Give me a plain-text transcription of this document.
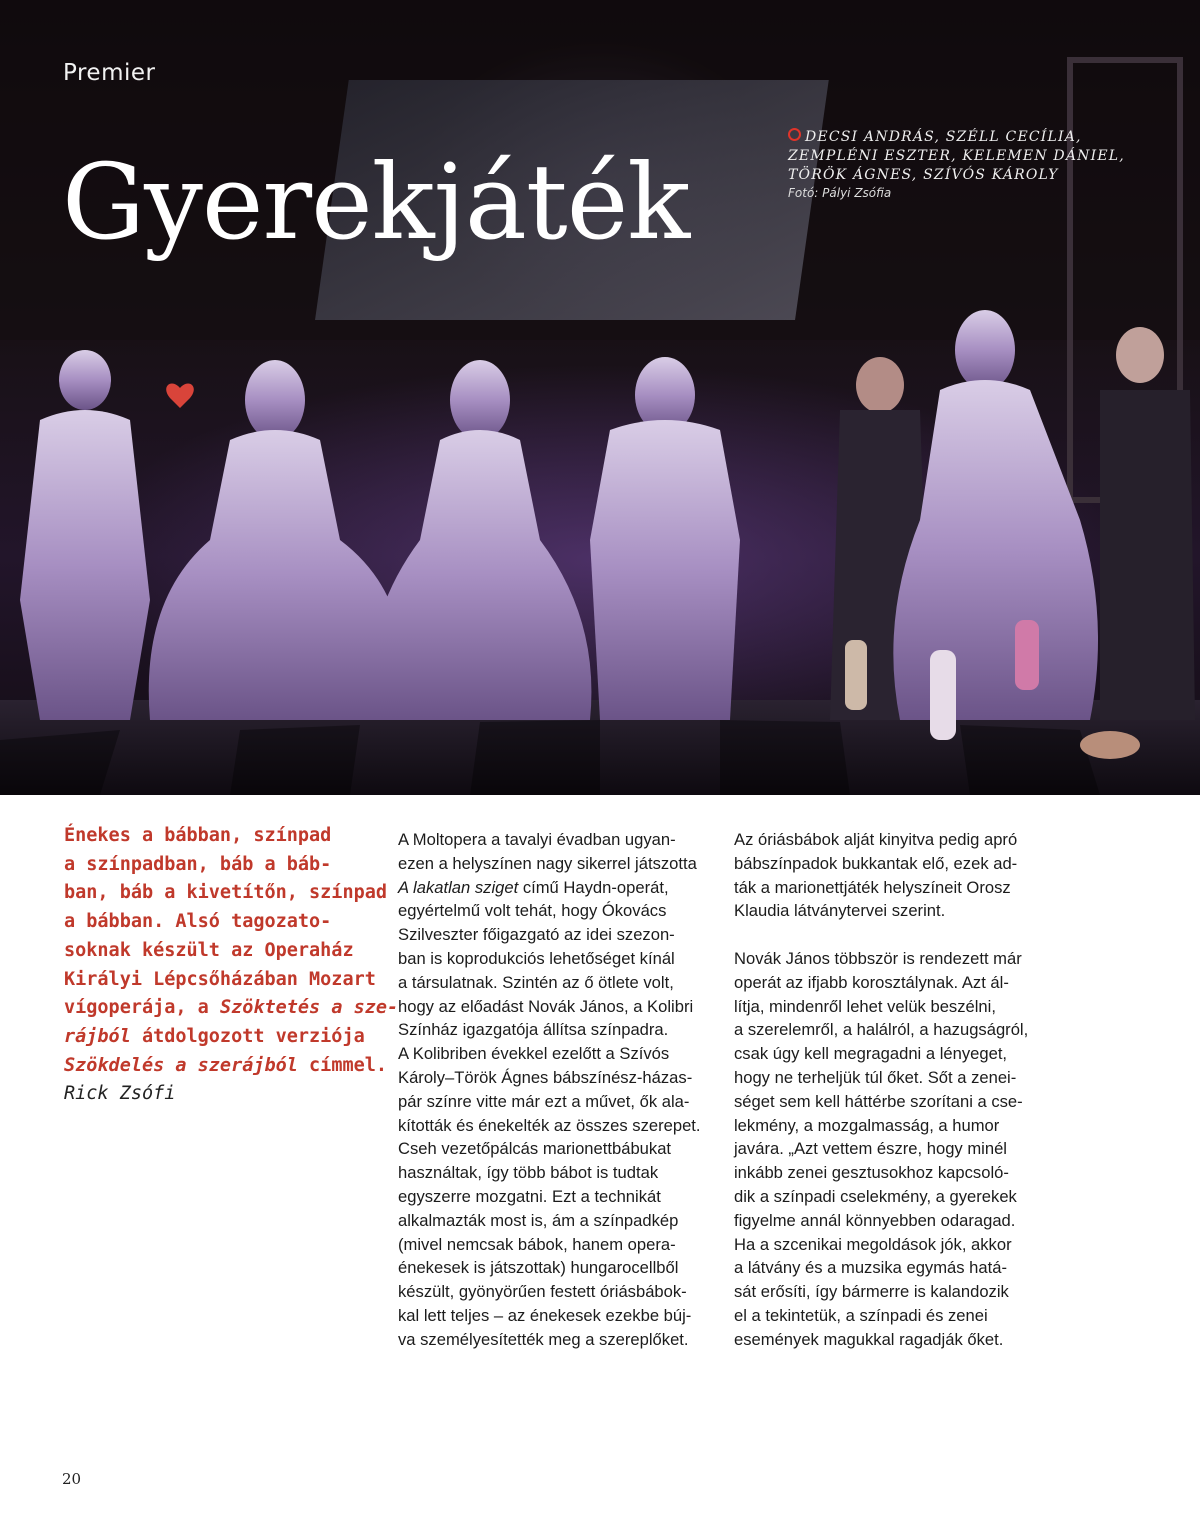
Premier
Gyerekjáték
DECSI ANDRÁS, SZÉLL CECÍLIA,
ZEMPLÉNI ESZTER, KELEMEN DÁNIEL,
TÖRÖK ÁGNES, SZÍVÓS KÁROLY
Fotó: Pályi Zsófia
Énekes a bábban, színpad
a színpadban, báb a báb-
ban, báb a kivetítőn, színpad
a bábban. Alsó tagozato-
soknak készült az Operaház
Királyi Lépcsőházában Mozart
vígoperája, a Szöktetés a sze-
rájból átdolgozott verziója
Szökdelés a szerájból címmel.
Rick Zsófi
A Moltopera a tavalyi évadban ugyan-
ezen a helyszínen nagy sikerrel játszotta
A lakatlan sziget című Haydn-operát,
egyértelmű volt tehát, hogy Ókovács
Szilveszter főigazgató az idei szezon-
ban is koprodukciós lehetőséget kínál
a társulatnak. Szintén az ő ötlete volt,
hogy az előadást Novák János, a Kolibri
Színház igazgatója állítsa színpadra.
A Kolibriben évekkel ezelőtt a Szívós
Károly–Török Ágnes bábszínész-házas-
pár színre vitte már ezt a művet, ők ala-
kították és énekelték az összes szerepet.
Cseh vezetőpálcás marionettbábukat
használtak, így több bábot is tudtak
egyszerre mozgatni. Ezt a technikát
alkalmazták most is, ám a színpadkép
(mivel nemcsak bábok, hanem opera-
énekesek is játszottak) hungarocellből
készült, gyönyörűen festett óriásbábok-
kal lett teljes – az énekesek ezekbe búj-
va személyesítették meg a szereplőket.
Az óriásbábok alját kinyitva pedig apró
bábszínpadok bukkantak elő, ezek ad-
ták a marionettjáték helyszíneit Orosz
Klaudia látványtervei szerint.
Novák János többször is rendezett már
operát az ifjabb korosztálynak. Azt ál-
lítja, mindenről lehet velük beszélni,
a szerelemről, a halálról, a hazugságról,
csak úgy kell megragadni a lényeget,
hogy ne terheljük túl őket. Sőt a zenei-
séget sem kell háttérbe szorítani a cse-
lekmény, a mozgalmasság, a humor
javára. „Azt vettem észre, hogy minél
inkább zenei gesztusokhoz kapcsoló-
dik a színpadi cselekmény, a gyerekek
figyelme annál könnyebben odaragad.
Ha a szcenikai megoldások jók, akkor
a látvány és a muzsika egymás hatá-
sát erősíti, így bármerre is kalandozik
el a tekintetük, a színpadi és zenei
események magukkal ragadják őket.
20
